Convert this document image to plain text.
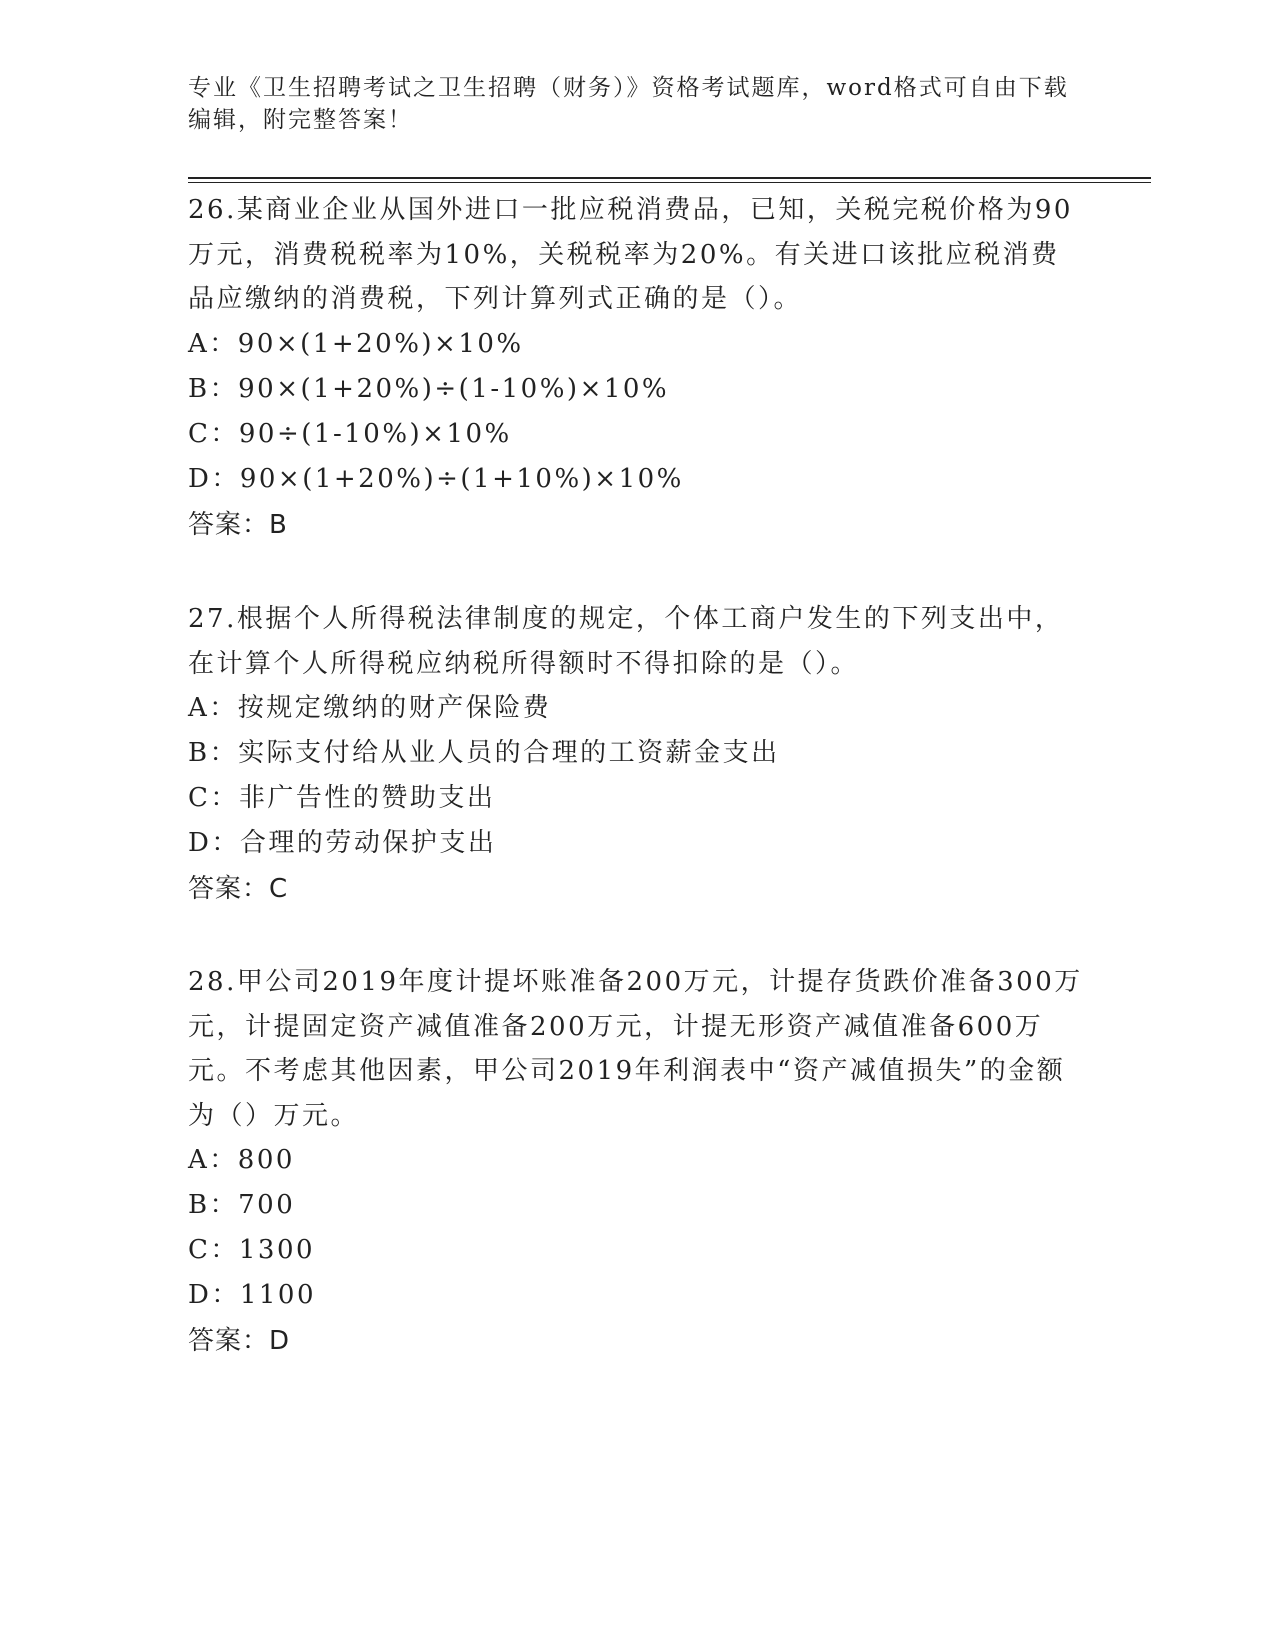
专业《卫生招聘考试之卫生招聘（财务）》资格考试题库，word格式可自由下载编辑，附完整答案！

26.某商业企业从国外进口一批应税消费品，已知，关税完税价格为90万元，消费税税率为10%，关税税率为20%。有关进口该批应税消费品应缴纳的消费税，下列计算列式正确的是（）。

A：90×(1+20%)×10%

B：90×(1+20%)÷(1-10%)×10%

C：90÷(1-10%)×10%

D：90×(1+20%)÷(1+10%)×10%

答案：B

27.根据个人所得税法律制度的规定，个体工商户发生的下列支出中，在计算个人所得税应纳税所得额时不得扣除的是（）。

A：按规定缴纳的财产保险费

B：实际支付给从业人员的合理的工资薪金支出

C：非广告性的赞助支出

D：合理的劳动保护支出

答案：C

28.甲公司2019年度计提坏账准备200万元，计提存货跌价准备300万元，计提固定资产减值准备200万元，计提无形资产减值准备600万元。不考虑其他因素，甲公司2019年利润表中“资产减值损失”的金额为（）万元。

A：800

B：700

C：1300

D：1100

答案：D
